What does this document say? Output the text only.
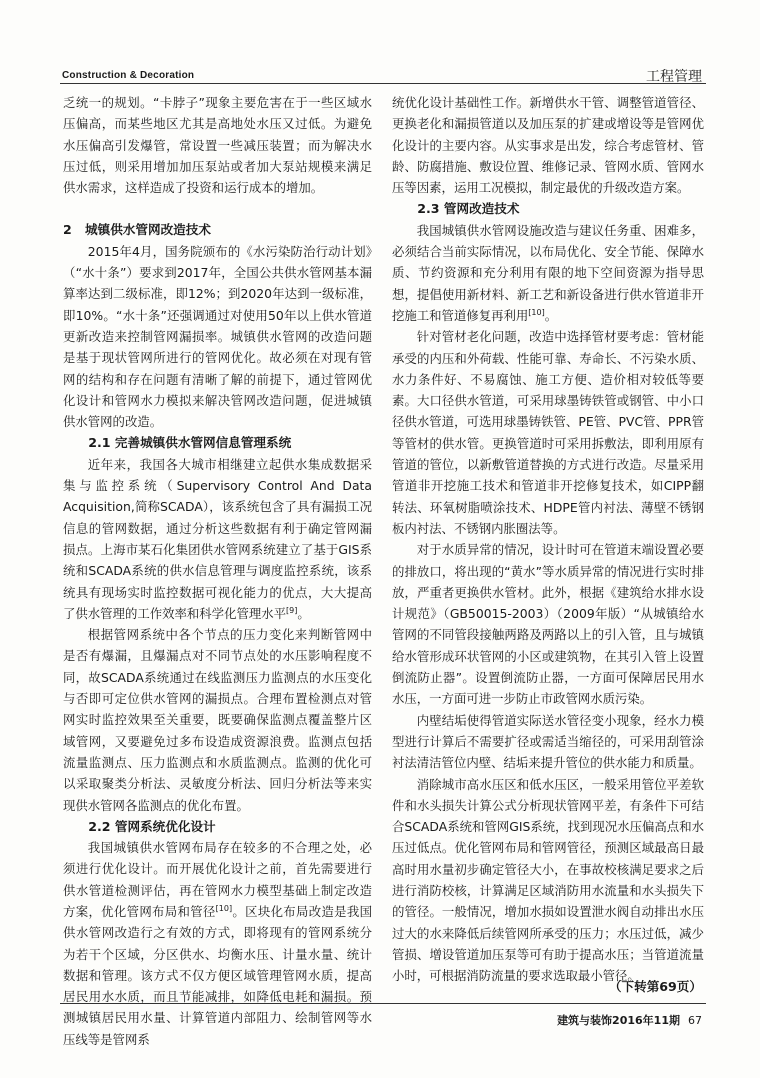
Construction & Decoration	工程管理

乏统一的规划。“卡脖子”现象主要危害在于一些区域水压偏高，而某些地区尤其是高地处水压又过低。为避免水压偏高引发爆管，常设置一些减压装置；而为解决水压过低，则采用增加加压泵站或者加大泵站规模来满足供水需求，这样造成了投资和运行成本的增加。

2 城镇供水管网改造技术

2015年4月，国务院颁布的《水污染防治行动计划》（“水十条”）要求到2017年，全国公共供水管网基本漏算率达到二级标准，即12%；到2020年达到一级标准，即10%。“水十条”还强调通过对使用50年以上供水管道更新改造来控制管网漏损率。城镇供水管网的改造问题是基于现状管网所进行的管网优化。故必须在对现有管网的结构和存在问题有清晰了解的前提下，通过管网优化设计和管网水力模拟来解决管网改造问题，促进城镇供水管网的改造。

2.1 完善城镇供水管网信息管理系统

近年来，我国各大城市相继建立起供水集成数据采集与监控系统（Supervisory Control And Data Acquisition,简称SCADA），该系统包含了具有漏损工况信息的管网数据，通过分析这些数据有利于确定管网漏损点。上海市某石化集团供水管网系统建立了基于GIS系统和SCADA系统的供水信息管理与调度监控系统，该系统具有现场实时监控数据可视化能力的优点，大大提高了供水管理的工作效率和科学化管理水平[9]。

根据管网系统中各个节点的压力变化来判断管网中是否有爆漏，且爆漏点对不同节点处的水压影响程度不同，故SCADA系统通过在线监测压力监测点的水压变化与否即可定位供水管网的漏损点。合理布置检测点对管网实时监控效果至关重要，既要确保监测点覆盖整片区域管网，又要避免过多布设造成资源浪费。监测点包括流量监测点、压力监测点和水质监测点。监测的优化可以采取聚类分析法、灵敏度分析法、回归分析法等来实现供水管网各监测点的优化布置。

2.2 管网系统优化设计

我国城镇供水管网布局存在较多的不合理之处，必须进行优化设计。而开展优化设计之前，首先需要进行供水管道检测评估，再在管网水力模型基础上制定改造方案，优化管网布局和管径[10]。区块化布局改造是我国供水管网改造行之有效的方式，即将现有的管网系统分为若干个区域，分区供水、均衡水压、计量水量、统计数据和管理。该方式不仅方便区域管理管网水质，提高居民用水水质，而且节能减排，如降低电耗和漏损。预测城镇居民用水量、计算管道内部阻力、绘制管网等水压线等是管网系

统优化设计基础性工作。新增供水干管、调整管道管径、更换老化和漏损管道以及加压泵的扩建或增设等是管网优化设计的主要内容。从实事求是出发，综合考虑管材、管龄、防腐措施、敷设位置、维修记录、管网水质、管网水压等因素，运用工况模拟，制定最优的升级改造方案。

2.3 管网改造技术

我国城镇供水管网设施改造与建议任务重、困难多，必须结合当前实际情况，以布局优化、安全节能、保障水质、节约资源和充分利用有限的地下空间资源为指导思想，提倡使用新材料、新工艺和新设备进行供水管道非开挖施工和管道修复再利用[10]。

针对管材老化问题，改造中选择管材要考虑：管材能承受的内压和外荷载、性能可靠、寿命长、不污染水质、水力条件好、不易腐蚀、施工方便、造价相对较低等要素。大口径供水管道，可采用球墨铸铁管或钢管、中小口径供水管道，可选用球墨铸铁管、PE管、PVC管、PPR管等管材的供水管。更换管道时可采用拆敷法，即利用原有管道的管位，以新敷管道替换的方式进行改造。尽量采用管道非开挖施工技术和管道非开挖修复技术，如CIPP翻转法、环氧树脂喷涂技术、HDPE管内衬法、薄壁不锈钢板内衬法、不锈钢内胀圈法等。

对于水质异常的情况，设计时可在管道末端设置必要的排放口，将出现的“黄水”等水质异常的情况进行实时排放，严重者更换供水管材。此外，根据《建筑给水排水设计规范》（GB50015-2003）（2009年版）“从城镇给水管网的不同管段接触两路及两路以上的引入管，且与城镇给水管形成环状管网的小区或建筑物，在其引入管上设置倒流防止器”。设置倒流防止器，一方面可保障居民用水水压，一方面可进一步防止市政管网水质污染。

内壁结垢使得管道实际送水管径变小现象，经水力模型进行计算后不需要扩径或需适当缩径的，可采用刮管涂衬法清洁管位内壁、结垢来提升管位的供水能力和质量。

消除城市高水压区和低水压区，一般采用管位平差软件和水头损失计算公式分析现状管网平差，有条件下可结合SCADA系统和管网GIS系统，找到现况水压偏高点和水压过低点。优化管网布局和管网管径，预测区域最高日最高时用水量初步确定管径大小，在事故校核满足要求之后进行消防校核，计算满足区域消防用水流量和水头损失下的管径。一般情况，增加水损如设置泄水阀自动排出水压过大的水来降低后续管网所承受的压力；水压过低，减少管损、增设管道加压泵等可有助于提高水压；当管道流量小时，可根据消防流量的要求选取最小管径。

（下转第69页）
建筑与装饰2016年11期 67
